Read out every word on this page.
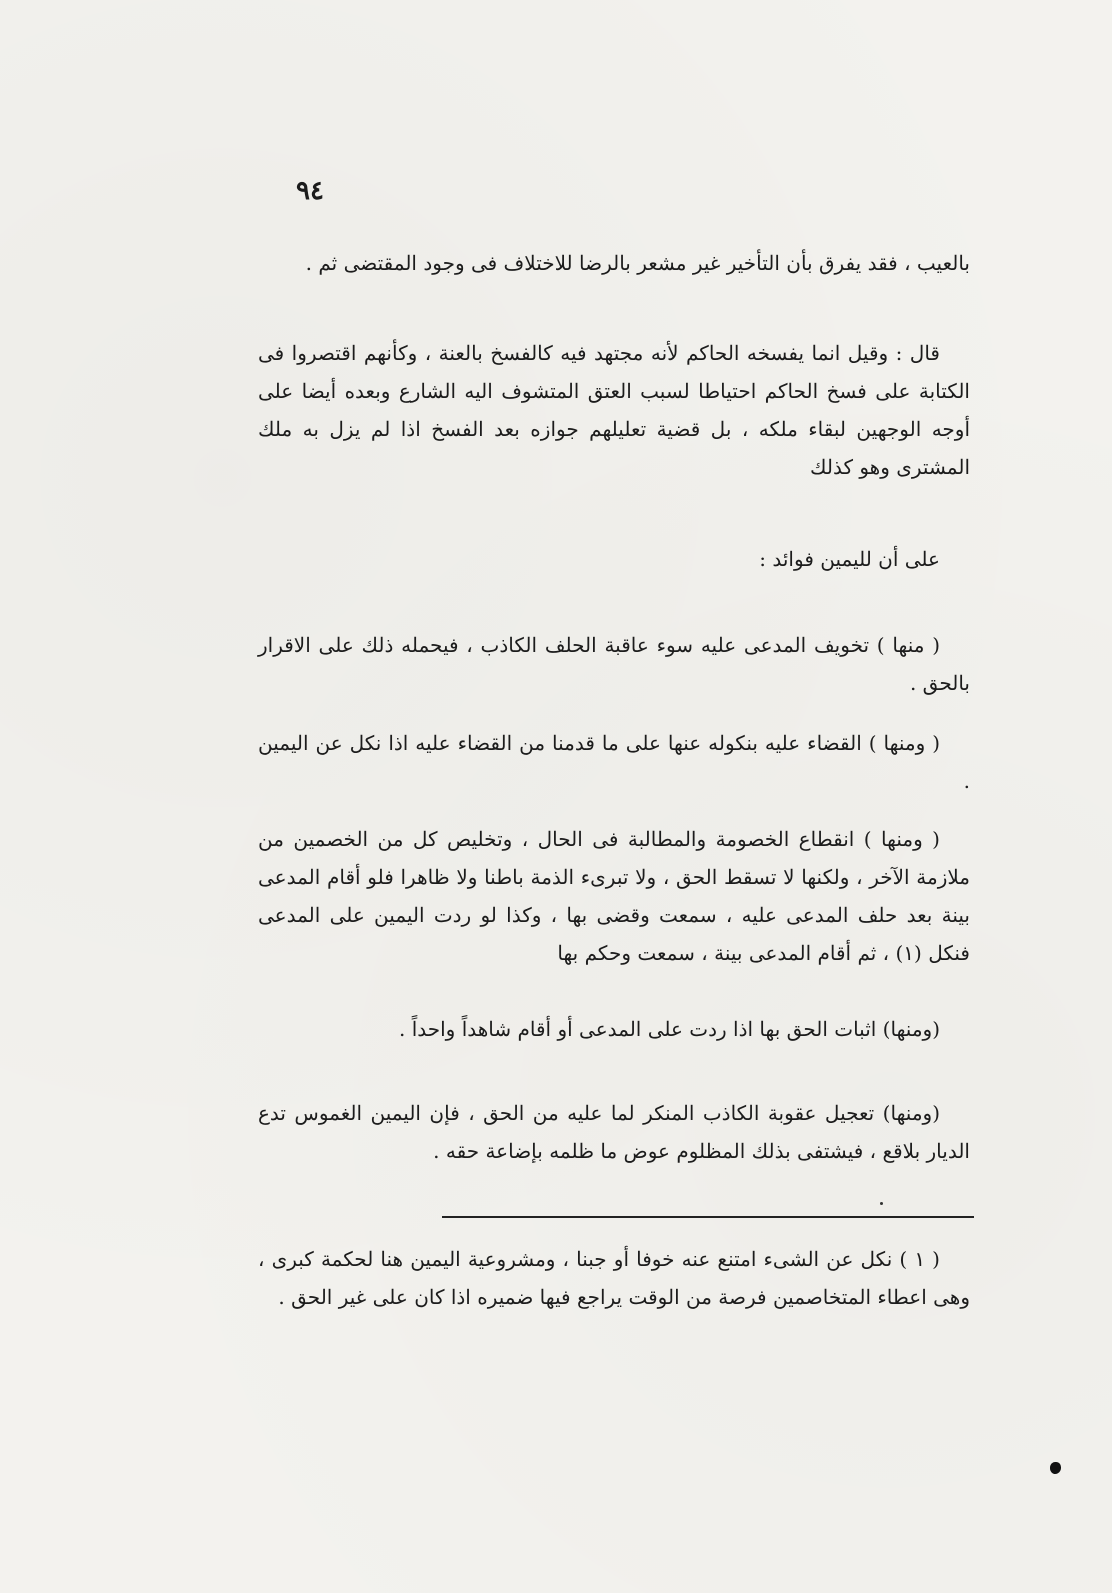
٩٤

بالعيب ، فقد يفرق بأن التأخير غير مشعر بالرضا للاختلاف فى وجود المقتضى ثم .

قال : وقيل انما يفسخه الحاكم لأنه مجتهد فيه كالفسخ بالعنة ، وكأنهم اقتصروا فى الكتابة على فسخ الحاكم احتياطا لسبب العتق المتشوف اليه الشارع وبعده أيضا على أوجه الوجهين لبقاء ملكه ، بل قضية تعليلهم جوازه بعد الفسخ اذا لم يزل به ملك المشترى وهو كذلك

على أن لليمين فوائد :

( منها ) تخويف المدعى عليه سوء عاقبة الحلف الكاذب ، فيحمله ذلك على الاقرار بالحق .

( ومنها ) القضاء عليه بنكوله عنها على ما قدمنا من القضاء عليه اذا نكل عن اليمين .

( ومنها ) انقطاع الخصومة والمطالبة فى الحال ، وتخليص كل من الخصمين من ملازمة الآخر ، ولكنها لا تسقط الحق ، ولا تبرىء الذمة باطنا ولا ظاهرا فلو أقام المدعى بينة بعد حلف المدعى عليه ، سمعت وقضى بها ، وكذا لو ردت اليمين على المدعى فنكل (١) ، ثم أقام المدعى بينة ، سمعت وحكم بها

(ومنها) اثبات الحق بها اذا ردت على المدعى أو أقام شاهداً واحداً .

(ومنها) تعجيل عقوبة الكاذب المنكر لما عليه من الحق ، فإن اليمين الغموس تدع الديار بلاقع ، فيشتفى بذلك المظلوم عوض ما ظلمه بإضاعة حقه .

( ١ ) نكل عن الشىء امتنع عنه خوفا أو جبنا ، ومشروعية اليمين هنا لحكمة كبرى ، وهى اعطاء المتخاصمين فرصة من الوقت يراجع فيها ضميره اذا كان على غير الحق .
